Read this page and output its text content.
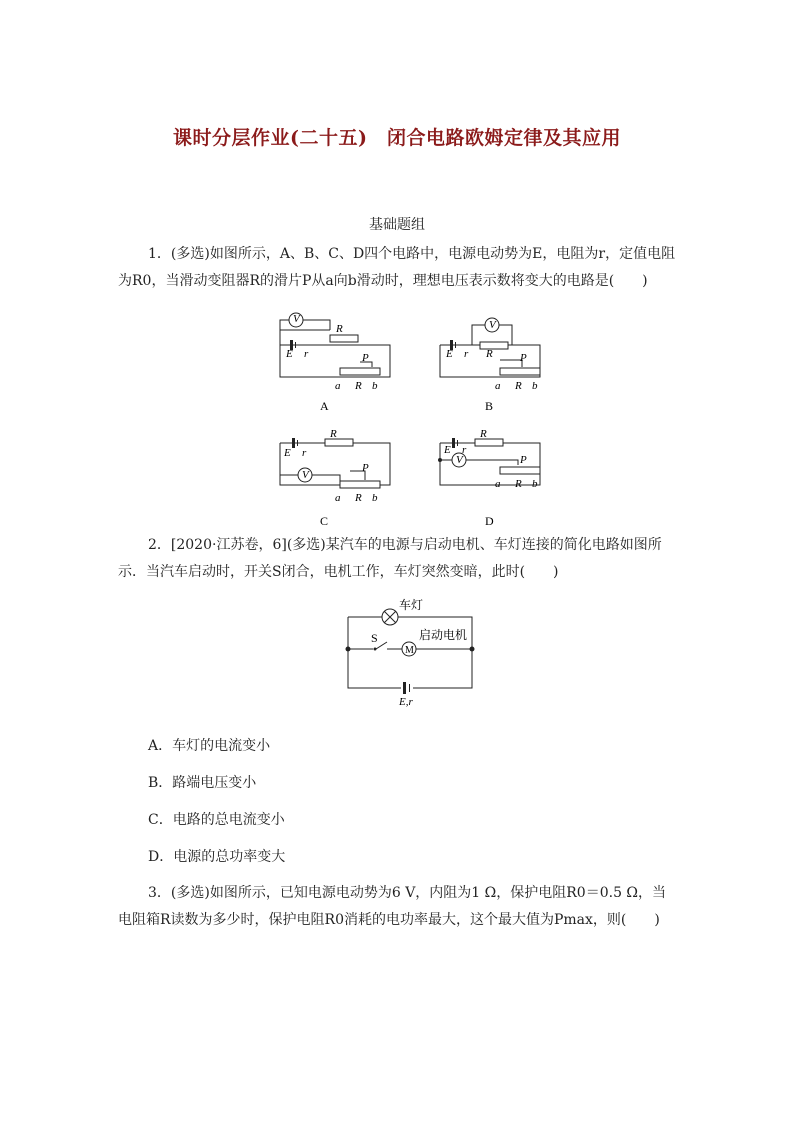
课时分层作业(二十五)　闭合电路欧姆定律及其应用
基础题组
1．(多选)如图所示，A、B、C、D四个电路中，电源电动势为E，电阻为r，定值电阻为R0，当滑动变阻器R的滑片P从a向b滑动时，理想电压表示数将变大的电路是(　　)
V
E r
R
P
a R b
A
V
E r R P
a R b
B
V
E r
R
P
a R b
C
V
E r
R
P
a R b
D
2．[2020·江苏卷，6](多选)某汽车的电源与启动电机、车灯连接的简化电路如图所示．当汽车启动时，开关S闭合，电机工作，车灯突然变暗，此时(　　)
车灯
启动电机
S
M
E,r
A．车灯的电流变小
B．路端电压变小
C．电路的总电流变小
D．电源的总功率变大
3．(多选)如图所示，已知电源电动势为6 V，内阻为1 Ω，保护电阻R0＝0.5 Ω，当电阻箱R读数为多少时，保护电阻R0消耗的电功率最大，这个最大值为Pmax，则(　　)
